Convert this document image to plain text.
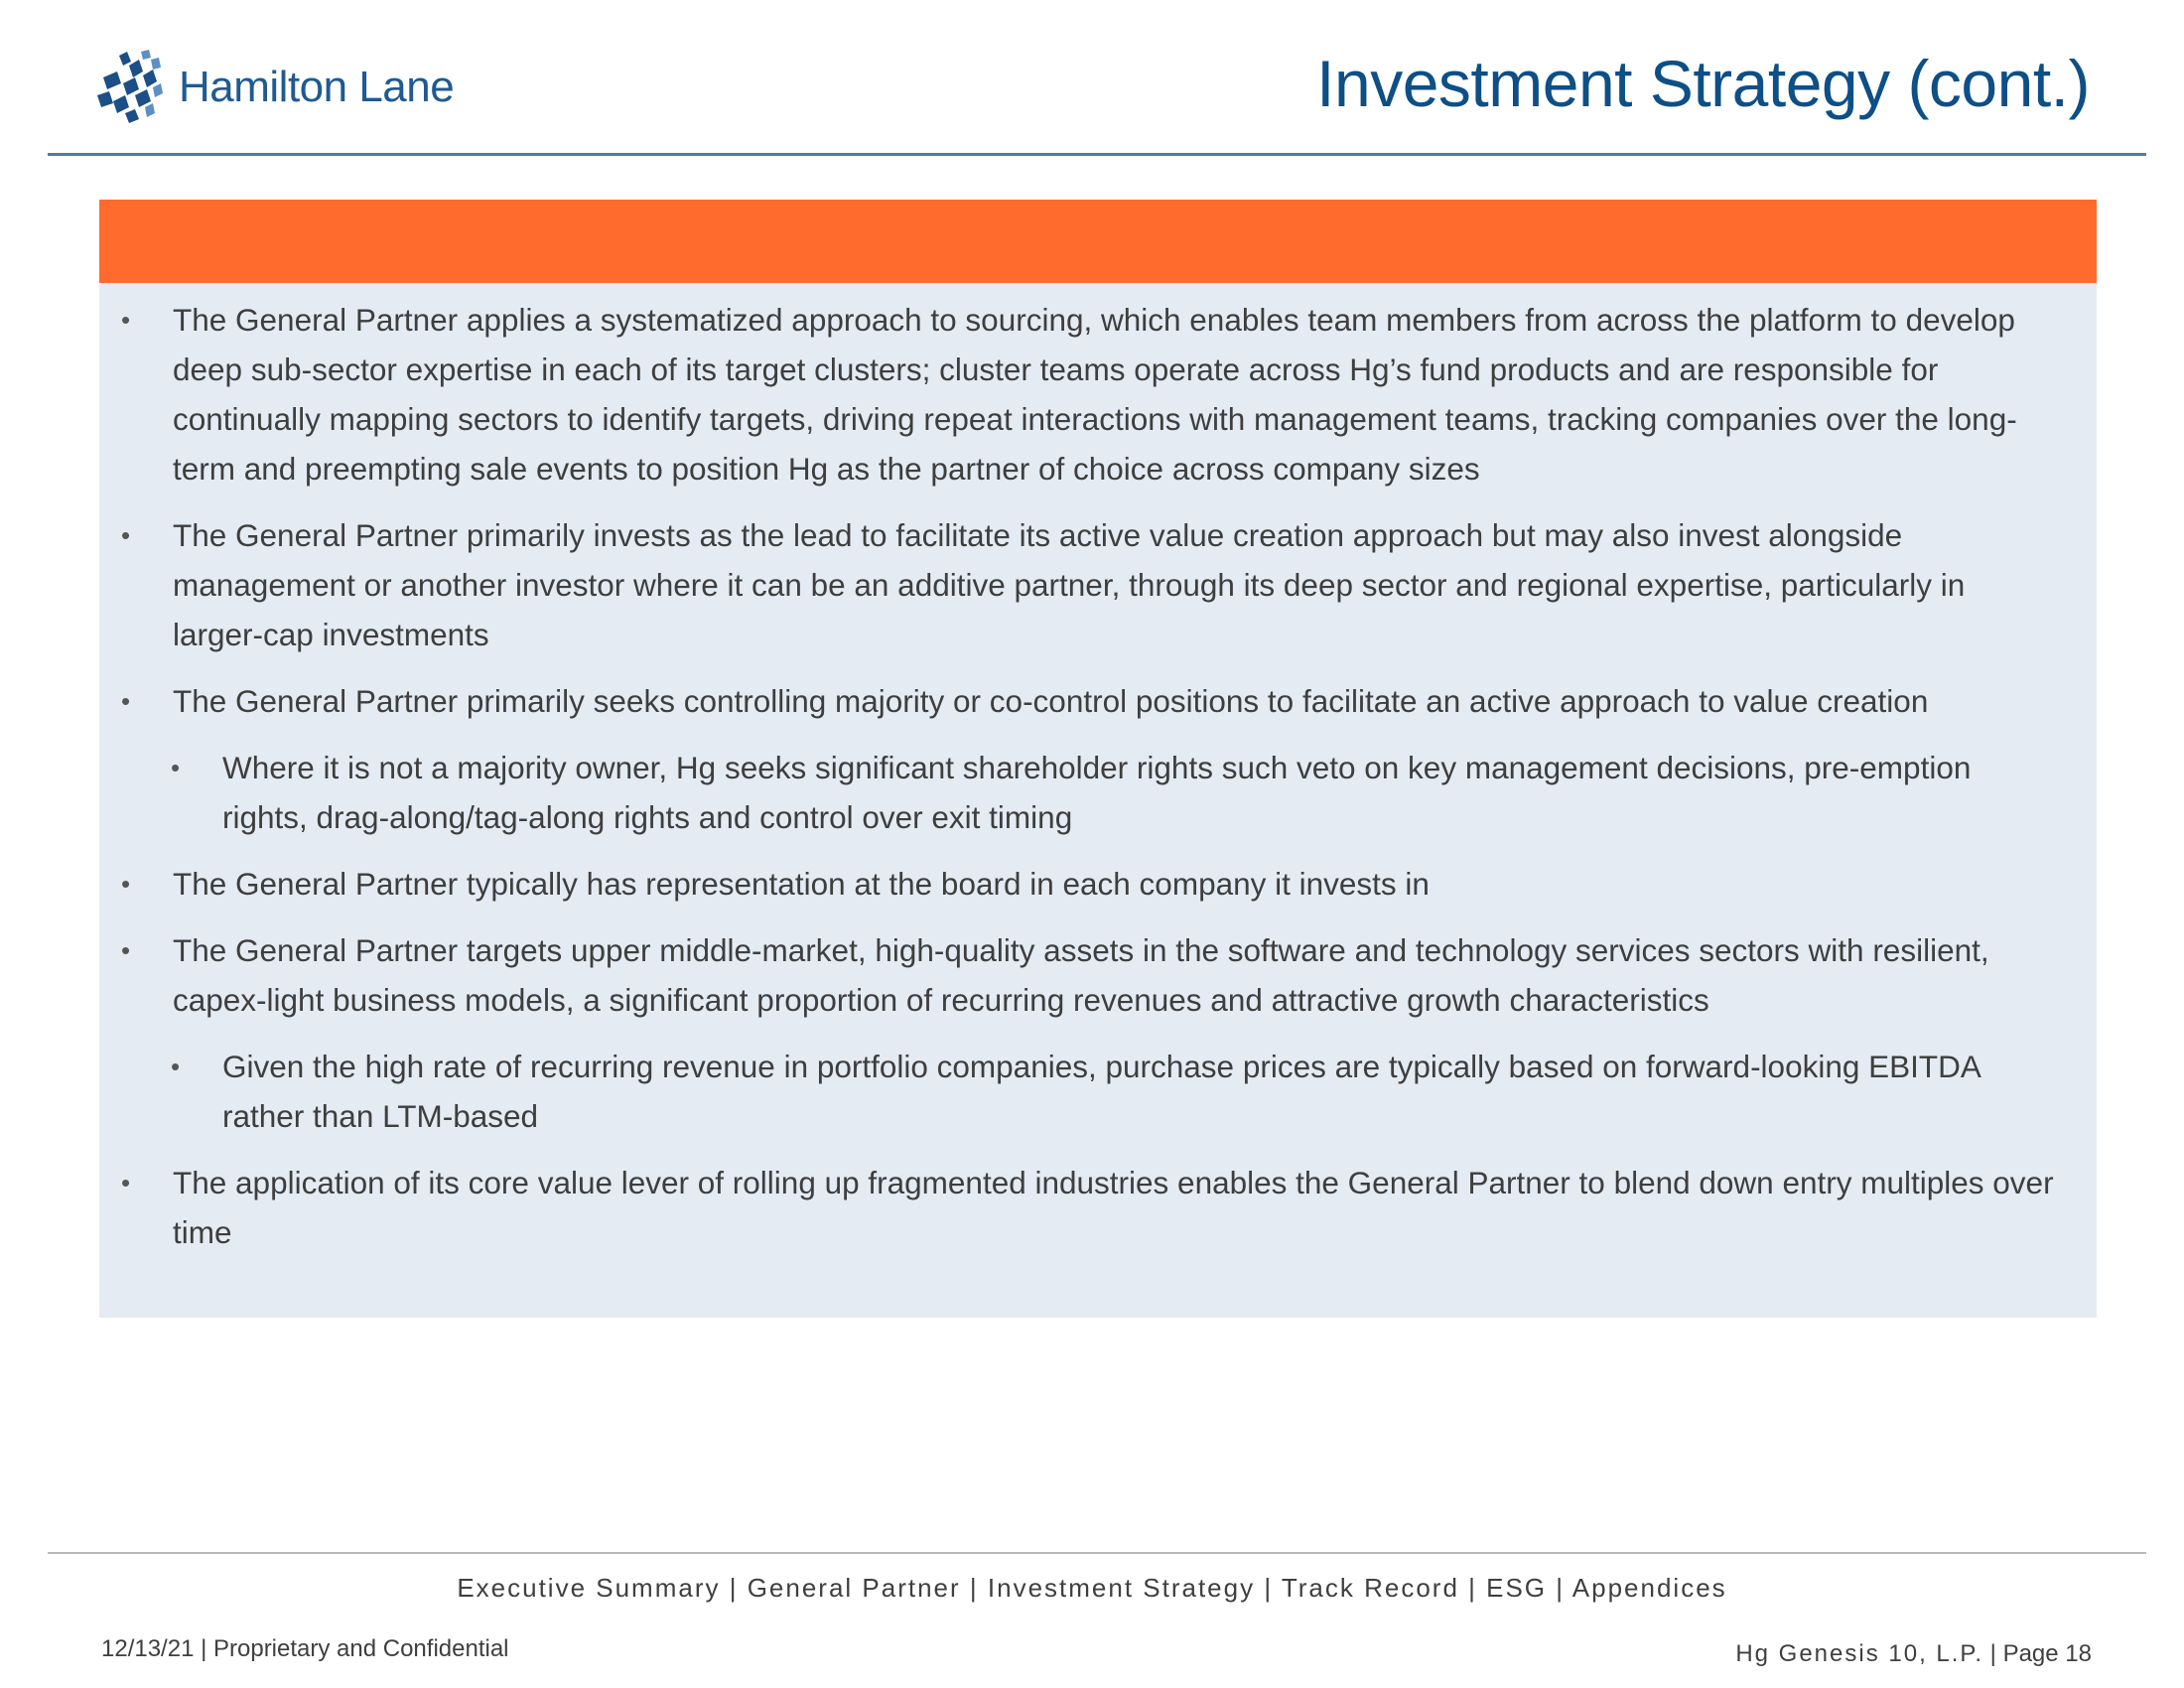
Hamilton Lane	Investment Strategy (cont.)
• The General Partner applies a systematized approach to sourcing, which enables team members from across the platform to develop deep sub-sector expertise in each of its target clusters; cluster teams operate across Hg’s fund products and are responsible for continually mapping sectors to identify targets, driving repeat interactions with management teams, tracking companies over the long-term and preempting sale events to position Hg as the partner of choice across company sizes
• The General Partner primarily invests as the lead to facilitate its active value creation approach but may also invest alongside management or another investor where it can be an additive partner, through its deep sector and regional expertise, particularly in larger-cap investments
• The General Partner primarily seeks controlling majority or co-control positions to facilitate an active approach to value creation
• Where it is not a majority owner, Hg seeks significant shareholder rights such veto on key management decisions, pre-emption rights, drag-along/tag-along rights and control over exit timing
• The General Partner typically has representation at the board in each company it invests in
• The General Partner targets upper middle-market, high-quality assets in the software and technology services sectors with resilient, capex-light business models, a significant proportion of recurring revenues and attractive growth characteristics
• Given the high rate of recurring revenue in portfolio companies, purchase prices are typically based on forward-looking EBITDA rather than LTM-based
• The application of its core value lever of rolling up fragmented industries enables the General Partner to blend down entry multiples over time
Executive Summary | General Partner | Investment Strategy | Track Record | ESG | Appendices
12/13/21 | Proprietary and Confidential	Hg Genesis 10, L.P. | Page 18
